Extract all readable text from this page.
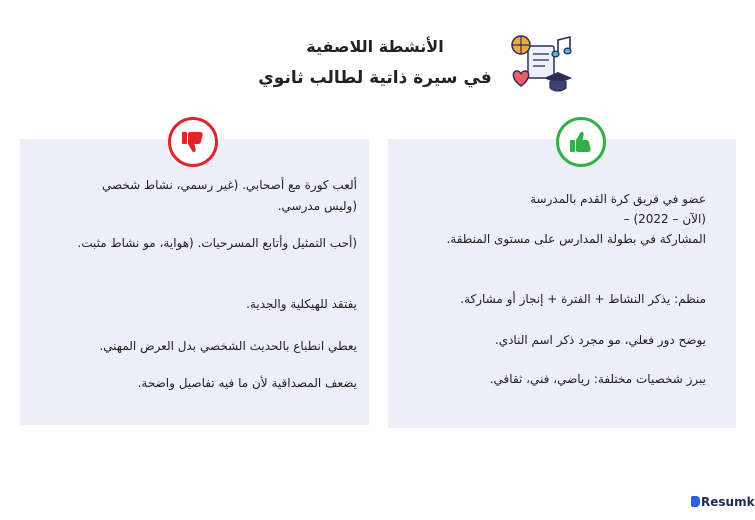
الأنشطة اللاصفية
في سيرة ذاتية لطالب ثانوي
ألعب كورة مع أصحابي. (غير رسمي، نشاط شخصي
(وليس مدرسي.
(أحب التمثيل وأتابع المسرحيات. (هواية، مو نشاط مثبت.
يفتقد للهيكلية والجدية.
يعطي انطباع بالحديث الشخصي بدل العرض المهني.
يضعف المصداقية لأن ما فيه تفاصيل واضحة.
عضو في فريق كرة القدم بالمدرسة
(الآن – 2022) –
المشاركة في بطولة المدارس على مستوى المنطقة.
منظم: يذكر النشاط + الفترة + إنجاز أو مشاركة.
يوضح دور فعلي، مو مجرد ذكر اسم النادي.
يبرز شخصيات مختلفة: رياضي، فني، ثقافي.
Resumk
